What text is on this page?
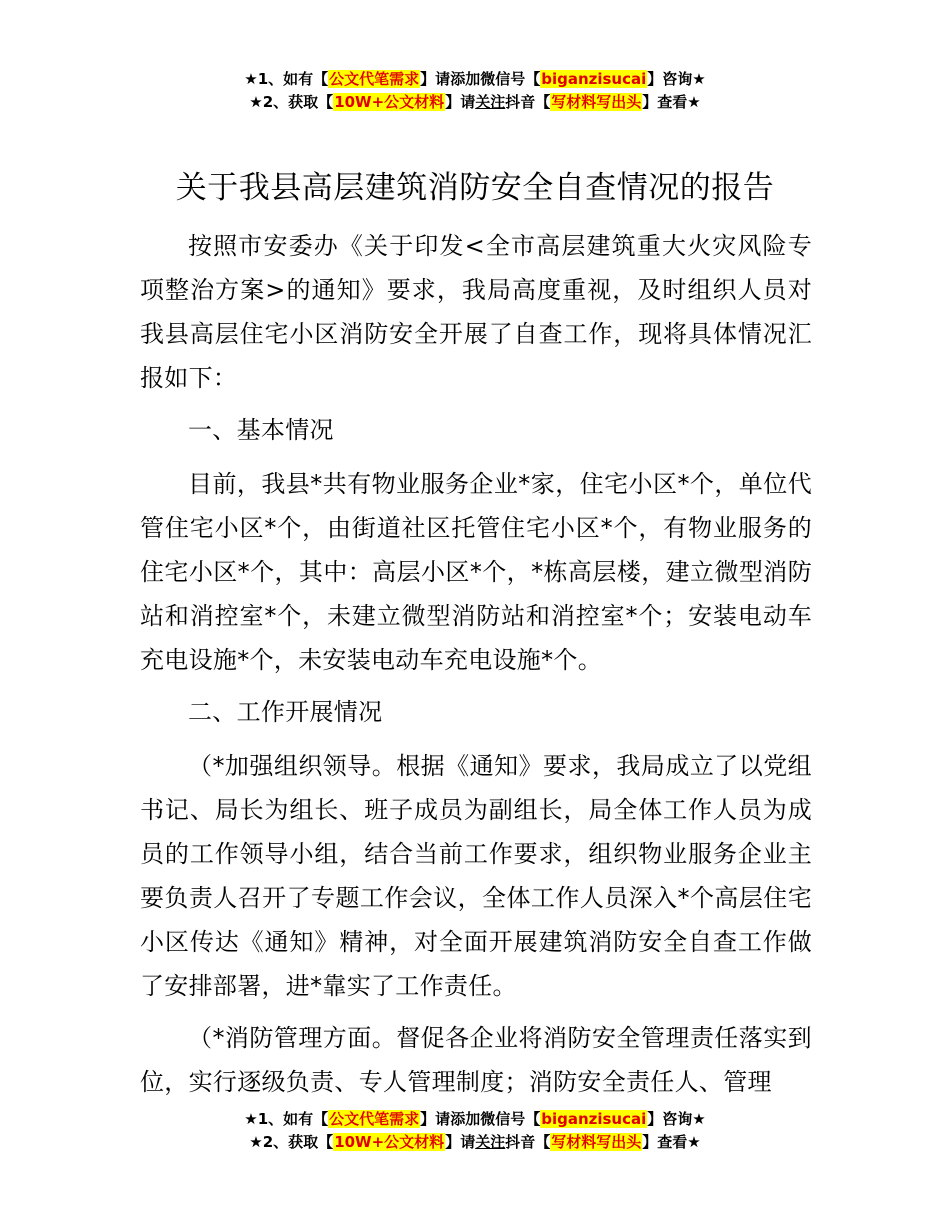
★1、如有【公文代笔需求】请添加微信号【biganzisucai】咨询★
★2、获取【10W+公文材料】请关注抖音【写材料写出头】查看★
关于我县高层建筑消防安全自查情况的报告

按照市安委办《关于印发<全市高层建筑重大火灾风险专项整治方案>的通知》要求，我局高度重视，及时组织人员对我县高层住宅小区消防安全开展了自查工作，现将具体情况汇报如下：

一、基本情况

目前，我县*共有物业服务企业*家，住宅小区*个，单位代管住宅小区*个，由街道社区托管住宅小区*个，有物业服务的住宅小区*个，其中：高层小区*个，*栋高层楼，建立微型消防站和消控室*个，未建立微型消防站和消控室*个；安装电动车充电设施*个，未安装电动车充电设施*个。

二、工作开展情况

（*加强组织领导。根据《通知》要求，我局成立了以党组书记、局长为组长、班子成员为副组长，局全体工作人员为成员的工作领导小组，结合当前工作要求，组织物业服务企业主要负责人召开了专题工作会议，全体工作人员深入*个高层住宅小区传达《通知》精神，对全面开展建筑消防安全自查工作做了安排部署，进*靠实了工作责任。

（*消防管理方面。督促各企业将消防安全管理责任落实到位，实行逐级负责、专人管理制度；消防安全责任人、管理

★1、如有【公文代笔需求】请添加微信号【biganzisucai】咨询★
★2、获取【10W+公文材料】请关注抖音【写材料写出头】查看★
